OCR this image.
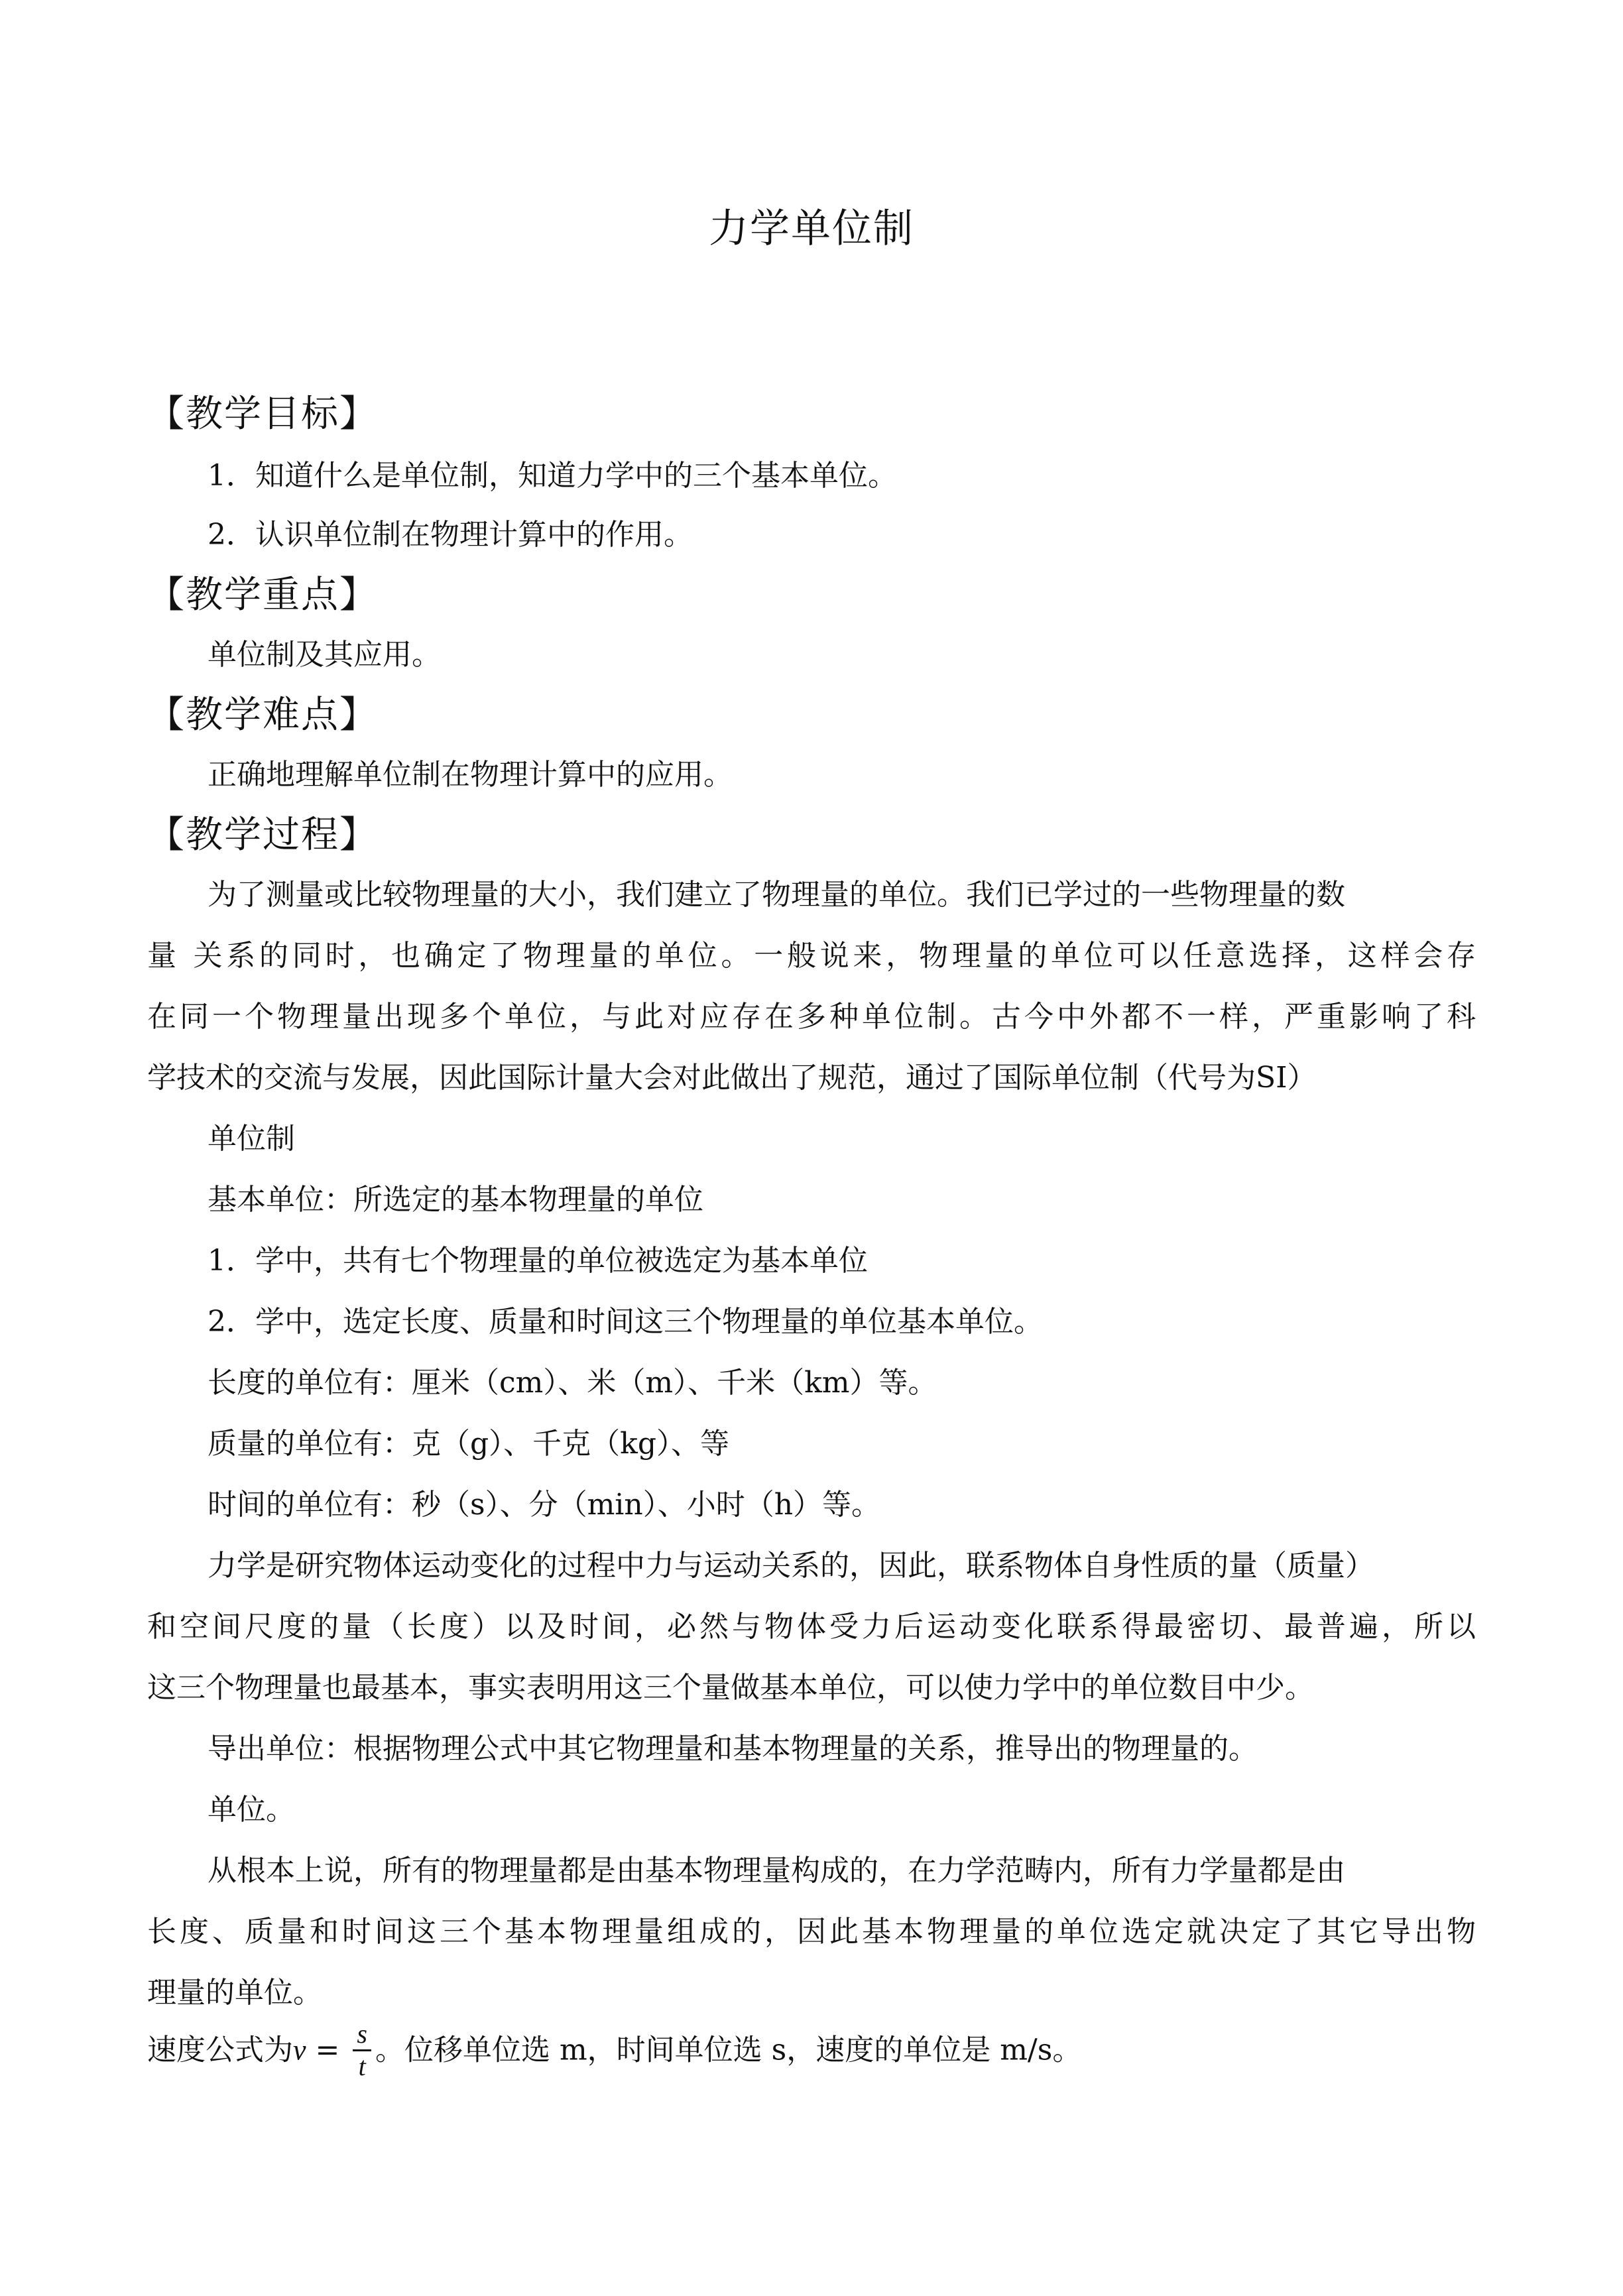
力学单位制
【教学目标】
1．知道什么是单位制，知道力学中的三个基本单位。
2．认识单位制在物理计算中的作用。
【教学重点】
单位制及其应用。
【教学难点】
正确地理解单位制在物理计算中的应用。
【教学过程】
为了测量或比较物理量的大小，我们建立了物理量的单位。我们已学过的一些物理量的数
量 关系的同时，也确定了物理量的单位。一般说来，物理量的单位可以任意选择，这样会存
在同一个物理量出现多个单位，与此对应存在多种单位制。古今中外都不一样，严重影响了科
学技术的交流与发展，因此国际计量大会对此做出了规范，通过了国际单位制（代号为SI）
单位制
基本单位：所选定的基本物理量的单位
1．学中，共有七个物理量的单位被选定为基本单位
2．学中，选定长度、质量和时间这三个物理量的单位基本单位。
长度的单位有：厘米（cm）、米（m）、千米（km）等。
质量的单位有：克（g）、千克（kg）、等
时间的单位有：秒（s）、分（min）、小时（h）等。
力学是研究物体运动变化的过程中力与运动关系的，因此，联系物体自身性质的量（质量）
和空间尺度的量（长度）以及时间，必然与物体受力后运动变化联系得最密切、最普遍，所以
这三个物理量也最基本，事实表明用这三个量做基本单位，可以使力学中的单位数目中少。
导出单位：根据物理公式中其它物理量和基本物理量的关系，推导出的物理量的。
单位。
从根本上说，所有的物理量都是由基本物理量构成的，在力学范畴内，所有力学量都是由
长度、质量和时间这三个基本物理量组成的，因此基本物理量的单位选定就决定了其它导出物
理量的单位。
速度公式为$v = \frac{s}{t}$ 。位移单位选 m，时间单位选 s，速度的单位是 m/s。
